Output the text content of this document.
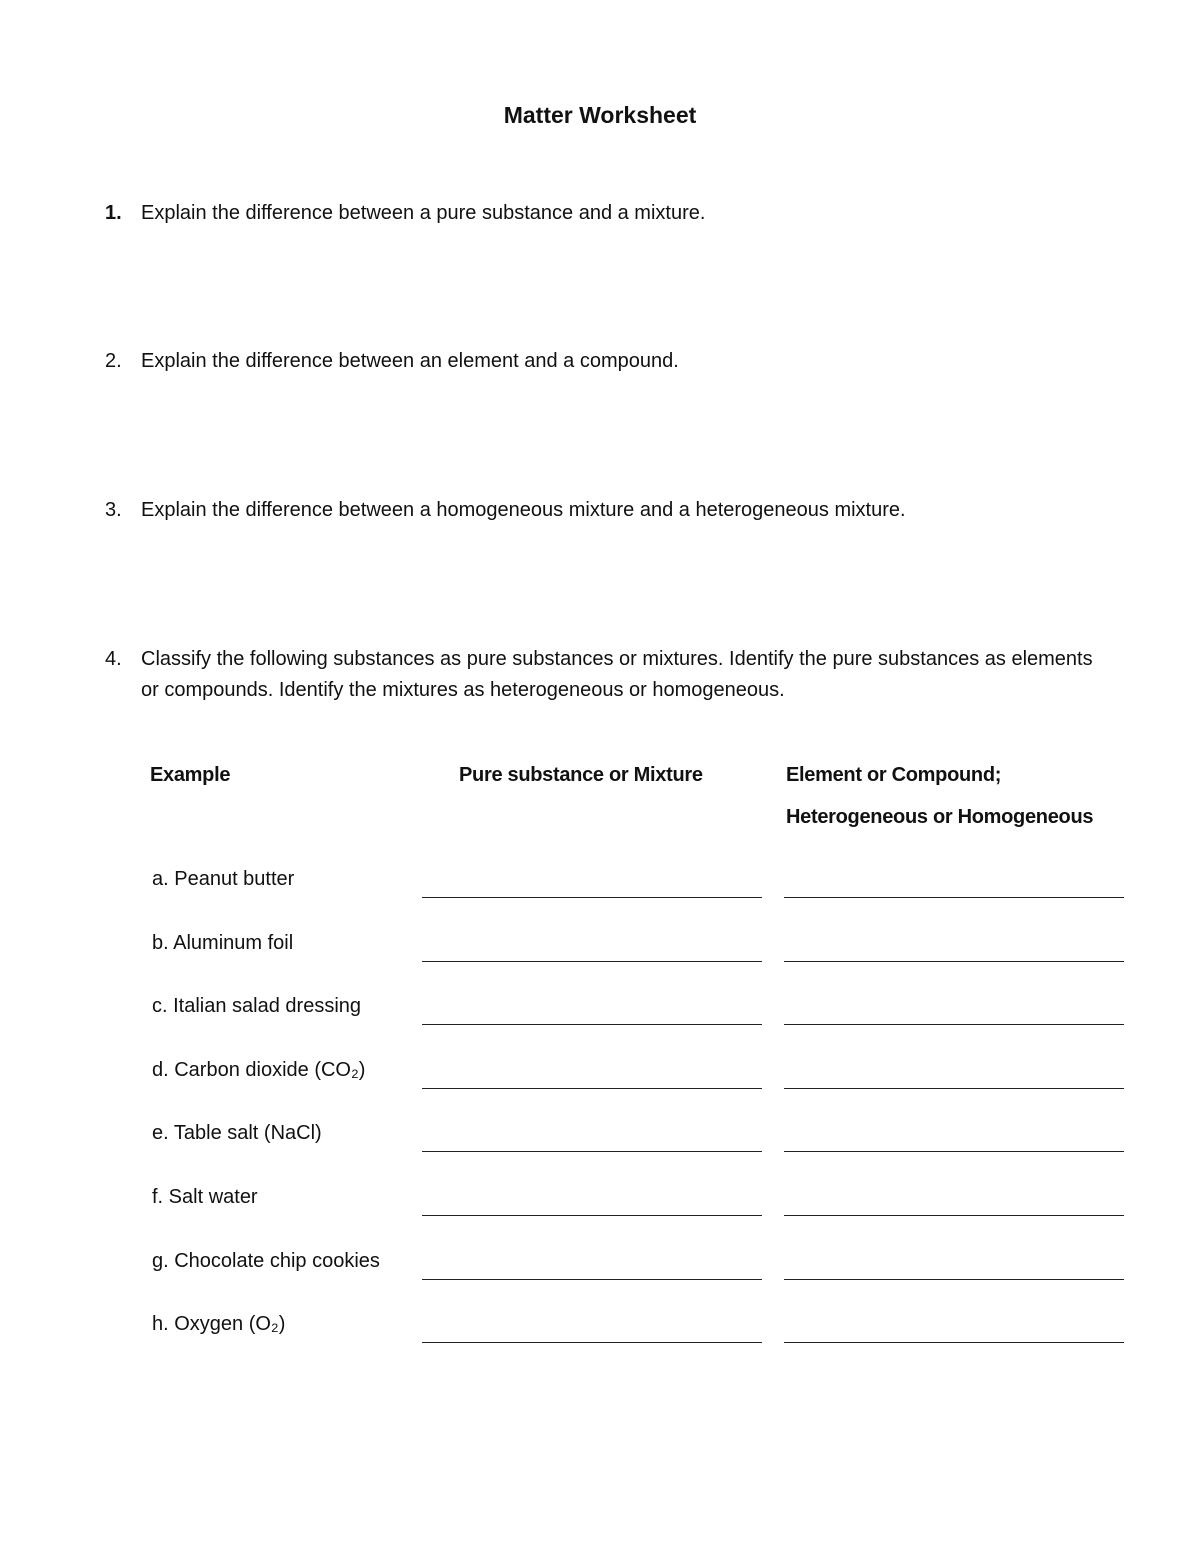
Matter Worksheet
1. Explain the difference between a pure substance and a mixture.
2. Explain the difference between an element and a compound.
3. Explain the difference between a homogeneous mixture and a heterogeneous mixture.
4. Classify the following substances as pure substances or mixtures. Identify the pure substances as elements or compounds. Identify the mixtures as heterogeneous or homogeneous.
Example	Pure substance or Mixture	Element or Compound;
Heterogeneous or Homogeneous
a. Peanut butter
b. Aluminum foil
c. Italian salad dressing
d. Carbon dioxide (CO₂)
e. Table salt (NaCl)
f. Salt water
g. Chocolate chip cookies
h. Oxygen (O₂)
